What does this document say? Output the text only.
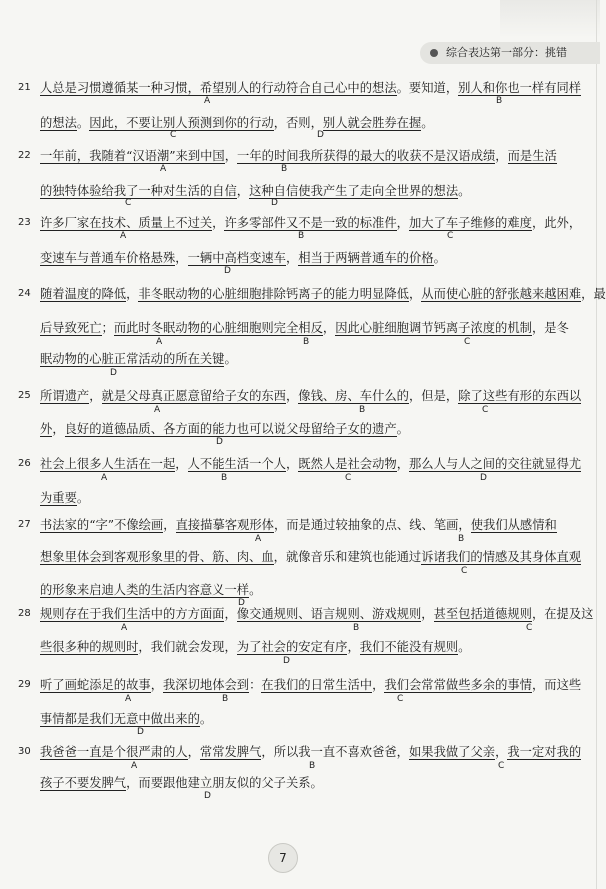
综合表达第一部分：挑错
21 人总是习惯遵循某一种习惯，希望别人的行动符合自己心中的想法。要知道，别人和你也一样有同样
的想法。因此，不要让别人预测到你的行动，否则，别人就会胜券在握。
A	B
C	D
22 一年前，我随着“汉语潮”来到中国，一年的时间我所获得的最大的收获不是汉语成绩，而是生活
的独特体验给我了一种对生活的自信，这种自信使我产生了走向全世界的想法。
A	B
C	D
23 许多厂家在技术、质量上不过关，许多零部件又不是一致的标准件，加大了车子维修的难度，此外，
变速车与普通车价格悬殊，一辆中高档变速车，相当于两辆普通车的价格。
A	B	C
D
24 随着温度的降低，非冬眠动物的心脏细胞排除钙离子的能力明显降低，从而使心脏的舒张越来越困难，最
后导致死亡；而此时冬眠动物的心脏细胞则完全相反，因此心脏细胞调节钙离子浓度的机制，是冬
眠动物的心脏正常活动的所在关键。
A	B	C
D
25 所谓遗产，就是父母真正愿意留给子女的东西，像钱、房、车什么的，但是，除了这些有形的东西以
外，良好的道德品质、各方面的能力也可以说父母留给子女的遗产。
A	B	C
D
26 社会上很多人生活在一起，人不能生活一个人，既然人是社会动物，那么人与人之间的交往就显得尤
为重要。
A	B	C	D
27 书法家的“字”不像绘画，直接描摹客观形体，而是通过较抽象的点、线、笔画，使我们从感情和
想象里体会到客观形象里的骨、筋、肉、血，就像音乐和建筑也能通过诉诸我们的情感及其身体直观
的形象来启迪人类的生活内容意义一样。
A	B
C
D
28 规则存在于我们生活中的方方面面，像交通规则、语言规则、游戏规则，甚至包括道德规则，在提及这
些很多种的规则时，我们就会发现，为了社会的安定有序，我们不能没有规则。
A	B	C
D
29 听了画蛇添足的故事，我深切地体会到：在我们的日常生活中，我们会常常做些多余的事情，而这些
事情都是我们无意中做出来的。
A	B	C
D
30 我爸爸一直是个很严肃的人，常常发脾气，所以我一直不喜欢爸爸，如果我做了父亲，我一定对我的
孩子不要发脾气，而要跟他建立朋友似的父子关系。
A	B	C
D
7
